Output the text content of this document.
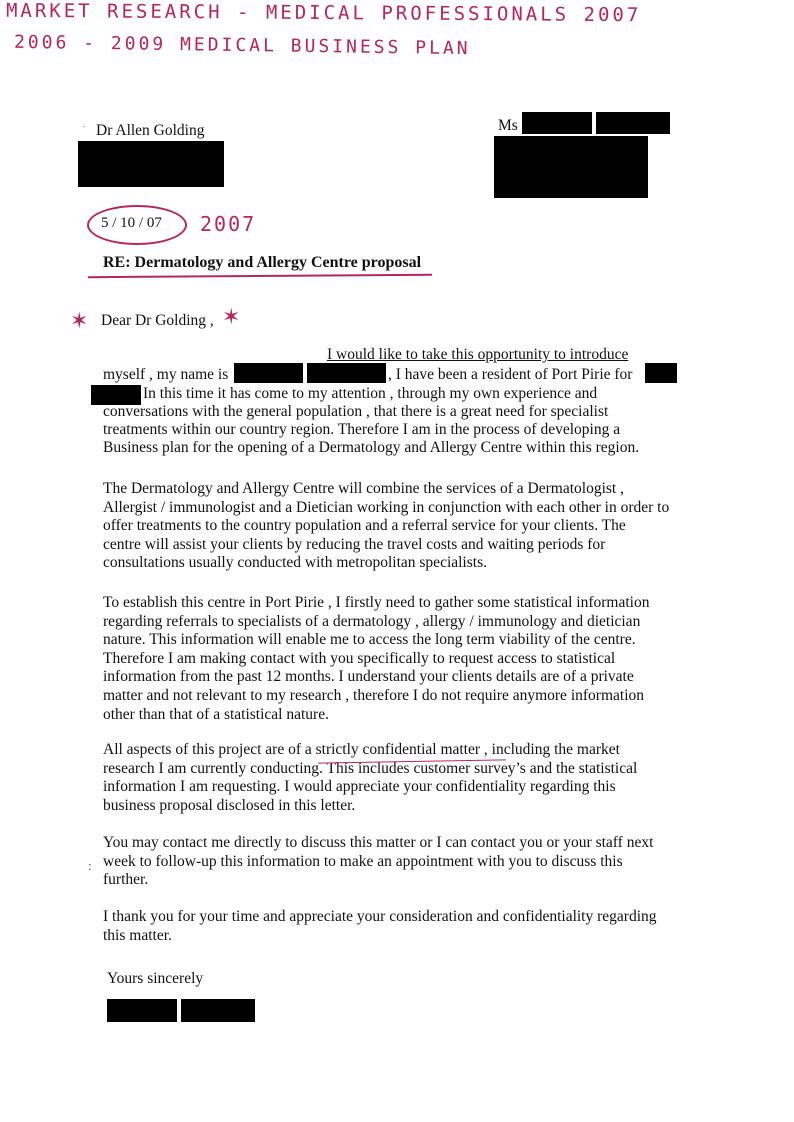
MARKET RESEARCH - MEDICAL PROFESSIONALS 2007
2006 - 2009 MEDICAL BUSINESS PLAN
· Dr Allen Golding	Ms
5 / 10 / 07 2007
RE: Dermatology and Allergy Centre proposal
✶ Dear Dr Golding , ✶
I would like to take this opportunity to introduce
myself , my name is	, I have been a resident of Port Pirie for
In this time it has come to my attention , through my own experience and
conversations with the general population , that there is a great need for specialist
treatments within our country region. Therefore I am in the process of developing a
Business plan for the opening of a Dermatology and Allergy Centre within this region.
The Dermatology and Allergy Centre will combine the services of a Dermatologist ,
Allergist / immunologist and a Dietician working in conjunction with each other in order to
offer treatments to the country population and a referral service for your clients. The
centre will assist your clients by reducing the travel costs and waiting periods for
consultations usually conducted with metropolitan specialists.
To establish this centre in Port Pirie , I firstly need to gather some statistical information
regarding referrals to specialists of a dermatology , allergy / immunology and dietician
nature. This information will enable me to access the long term viability of the centre.
Therefore I am making contact with you specifically to request access to statistical
information from the past 12 months. I understand your clients details are of a private
matter and not relevant to my research , therefore I do not require anymore information
other than that of a statistical nature.
All aspects of this project are of a strictly confidential matter , including the market
research I am currently conducting. This includes customer survey’s and the statistical
information I am requesting. I would appreciate your confidentiality regarding this
business proposal disclosed in this letter.
You may contact me directly to discuss this matter or I can contact you or your staff next
week to follow-up this information to make an appointment with you to discuss this
further.
:
I thank you for your time and appreciate your consideration and confidentiality regarding
this matter.
Yours sincerely
